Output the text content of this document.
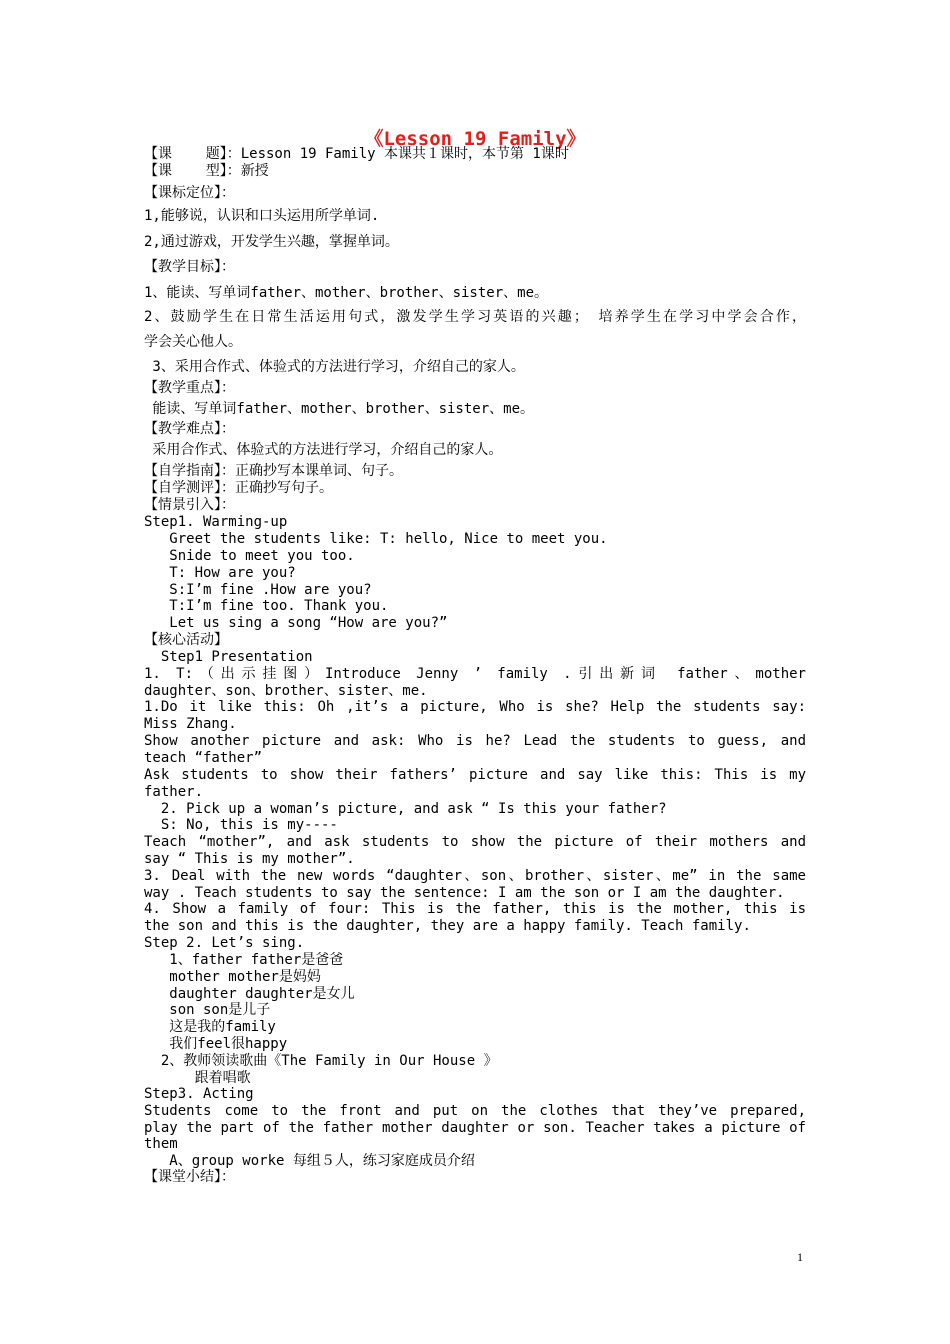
《Lesson 19 Family》
【课    题】：Lesson 19 Family 本课共１课时，本节第 1课时
【课    型】：新授
【课标定位】：
1,能够说，认识和口头运用所学单词.
2,通过游戏，开发学生兴趣，掌握单词。
【教学目标】：
1、能读、写单词father、mother、brother、sister、me。
2、鼓励学生在日常生活运用句式，激发学生学习英语的兴趣； 培养学生在学习中学会合作，
学会关心他人。
3、采用合作式、体验式的方法进行学习，介绍自己的家人。
【教学重点】：
能读、写单词father、mother、brother、sister、me。
【教学难点】：
采用合作式、体验式的方法进行学习，介绍自己的家人。
【自学指南】：正确抄写本课单词、句子。
【自学测评】：正确抄写句子。
【情景引入】：
Step1. Warming-up
Greet the students like: T: hello, Nice to meet you.
Snide to meet you too.
T: How are you?
S:I’m fine .How are you?
T:I’m fine too. Thank you.
Let us sing a song “How are you?”
【核心活动】
Step1 Presentation
1. T:（出示挂图）Introduce Jenny ’ family .引出新词 father、mother
daughter、son、brother、sister、me.
1.Do it like this: Oh ,it’s a picture, Who is she? Help the students say:
Miss Zhang.
Show another picture and ask: Who is he? Lead the students to guess, and
teach “father”
Ask students to show their fathers’ picture and say like this: This is my
father.
2. Pick up a woman’s picture, and ask “ Is this your father?
S: No, this is my----
Teach “mother”, and ask students to show the picture of their mothers and
say “ This is my mother”.
3. Deal with the new words “daughter、son、brother、sister、me” in the same
way . Teach students to say the sentence: I am the son or I am the daughter.
4. Show a family of four: This is the father, this is the mother, this is
the son and this is the daughter, they are a happy family. Teach family.
Step 2. Let’s sing.
1、father father是爸爸
mother mother是妈妈
daughter daughter是女儿
son son是儿子
这是我的family
我们feel很happy
2、教师领读歌曲《The Family in Our House 》
跟着唱歌
Step3. Acting
Students come to the front and put on the clothes that they’ve prepared,
play the part of the father mother daughter or son. Teacher takes a picture of
them
A、group worke 每组５人，练习家庭成员介绍
【课堂小结】：
1
